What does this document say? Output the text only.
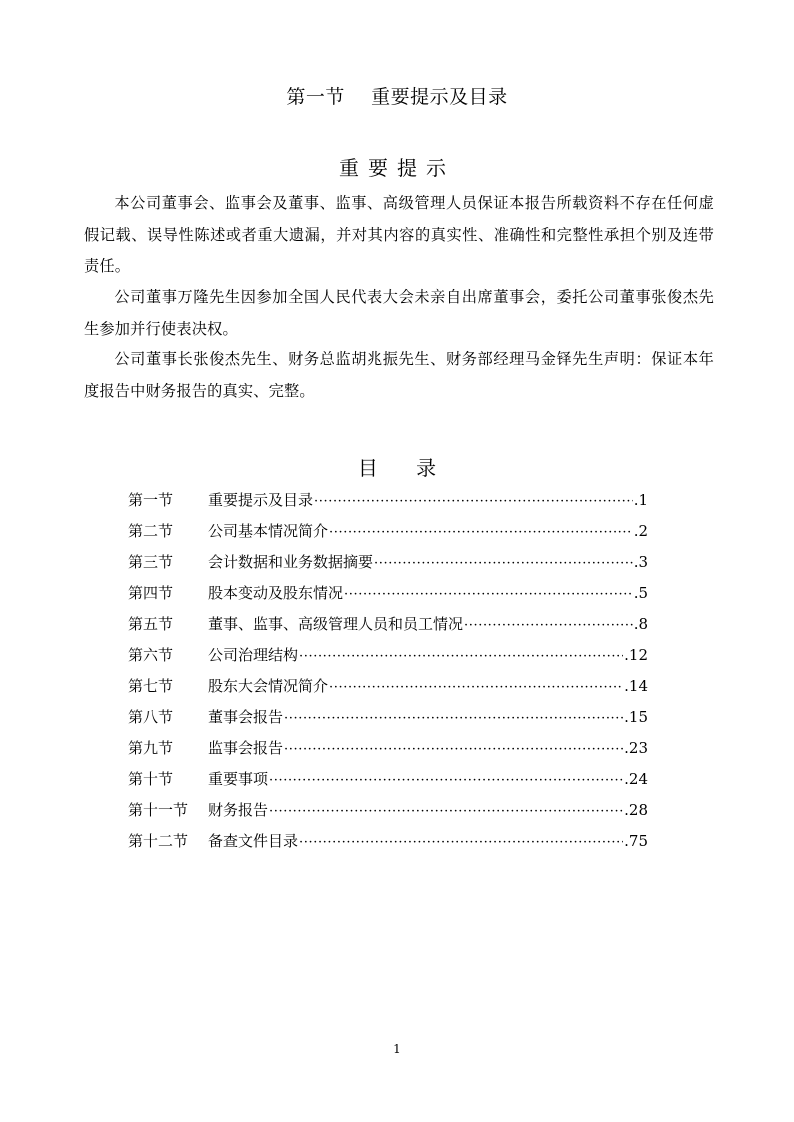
第一节    重要提示及目录
重要提示

本公司董事会、监事会及董事、监事、高级管理人员保证本报告所载资料不存在任何虚假记载、误导性陈述或者重大遗漏，并对其内容的真实性、准确性和完整性承担个别及连带责任。

公司董事万隆先生因参加全国人民代表大会未亲自出席董事会，委托公司董事张俊杰先生参加并行使表决权。

公司董事长张俊杰先生、财务总监胡兆振先生、财务部经理马金铎先生声明：保证本年度报告中财务报告的真实、完整。

目      录
第一节	重要提示及目录 ·····	.1
第二节	公司基本情况简介 ·····	.2
第三节	会计数据和业务数据摘要 ·····	.3
第四节	股本变动及股东情况 ·····	.5
第五节	董事、监事、高级管理人员和员工情况 ·····	.8
第六节	公司治理结构 ·····	.12
第七节	股东大会情况简介 ·····	.14
第八节	董事会报告 ·····	.15
第九节	监事会报告 ·····	.23
第十节	重要事项 ·····	.24
第十一节	财务报告 ·····	.28
第十二节	备查文件目录 ·····	.75
1
